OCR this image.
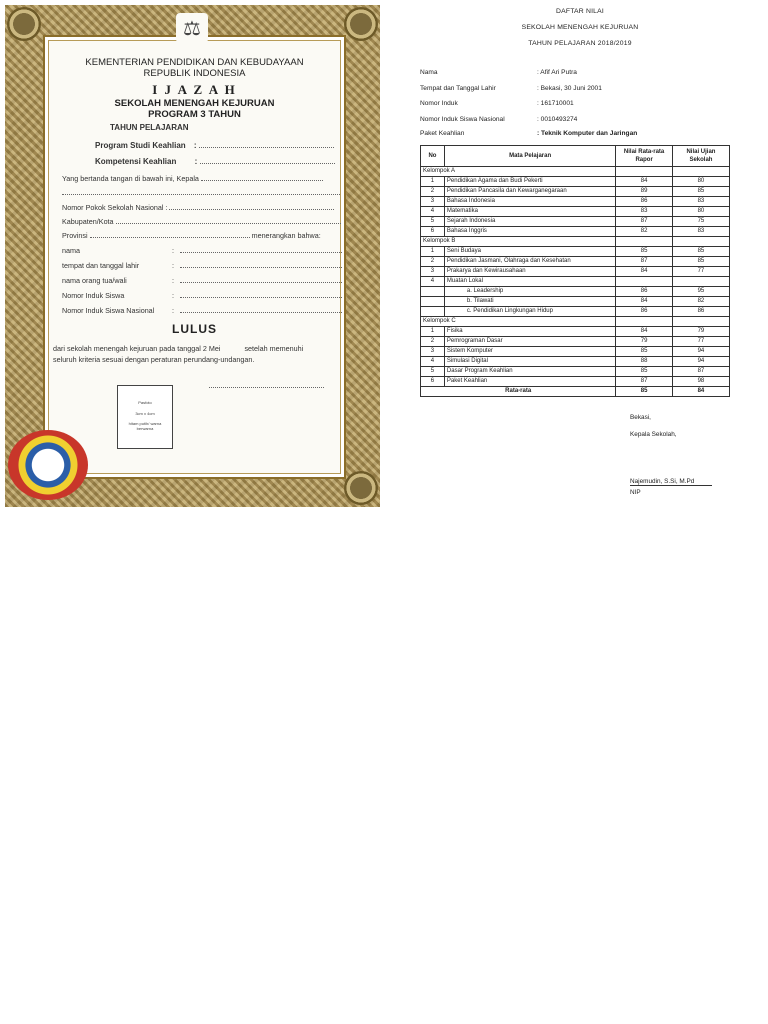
KEMENTERIAN PENDIDIKAN DAN KEBUDAYAAN
REPUBLIK INDONESIA
I J A Z A H
SEKOLAH MENENGAH KEJURUAN
PROGRAM 3 TAHUN
TAHUN PELAJARAN
Program Studi Keahlian :
Kompetensi Keahlian :
Yang bertanda tangan di bawah ini, Kepala
Nomor Pokok Sekolah Nasional :
Kabupaten/Kota
Provinsi	menerangkan bahwa:
nama	:
tempat dan tanggal lahir	:
nama orang tua/wali	:
Nomor Induk Siswa	:
Nomor Induk Siswa Nasional :
LULUS
dari sekolah menengah kejuruan pada tanggal 2 Mei	setelah memenuhi
seluruh kriteria sesuai dengan peraturan perundang-undangan.
⚖
Pasfoto
3cm x 4cm
hitam putih/ warna berwarna
DAFTAR NILAI
SEKOLAH MENENGAH KEJURUAN
TAHUN PELAJARAN 2018/2019
Nama	: Afif Ari Putra
Tempat dan Tanggal Lahir	: Bekasi, 30 Juni 2001
Nomor Induk	: 161710001
Nomor Induk Siswa Nasional	: 0010493274
Paket Keahlian	: Teknik Komputer dan Jaringan
No	Mata Pelajaran	Nilai Rata-rata Rapor	Nilai Ujian Sekolah
Kelompok A			
1	Pendidikan Agama dan Budi Pekerti	84	80
2	Pendidikan Pancasila dan Kewarganegaraan	89	85
3	Bahasa Indonesia	86	83
4	Matematika	83	80
5	Sejarah Indonesia	87	75
6	Bahasa Inggris	82	83
Kelompok B			
1	Seni Budaya	85	85
2	Pendidikan Jasmani, Olahraga dan Kesehatan	87	85
3	Prakarya dan Kewirausahaan	84	77
4	Muatan Lokal		
	a. Leadership	86	95
	b. Tilawati	84	82
	c. Pendidikan Lingkungan Hidup	86	86
Kelompok C			
1	Fisika	84	79
2	Pemrograman Dasar	79	77
3	Sistem Komputer	85	94
4	Simulasi Digital	88	94
5	Dasar Program Keahlian	85	87
6	Paket Keahlian	87	98
Rata-rata		85	84
Bekasi,
Kepala Sekolah,
Najemudin, S.Si, M.Pd
NIP
